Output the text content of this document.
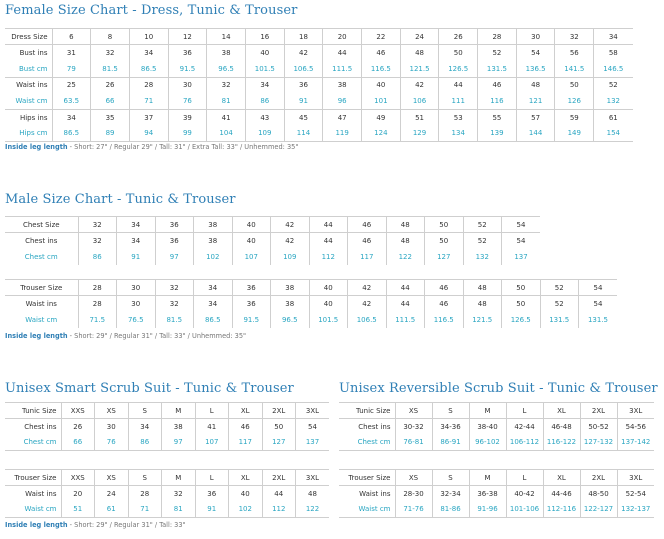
Female Size Chart - Dress, Tunic & Trouser
Dress Size	6	8	10	12	14	16	18	20	22	24	26	28	30	32	34
Bust ins	31	32	34	36	38	40	42	44	46	48	50	52	54	56	58
Bust cm	79	81.5	86.5	91.5	96.5	101.5	106.5	111.5	116.5	121.5	126.5	131.5	136.5	141.5	146.5
Waist ins	25	26	28	30	32	34	36	38	40	42	44	46	48	50	52
Waist cm	63.5	66	71	76	81	86	91	96	101	106	111	116	121	126	132
Hips ins	34	35	37	39	41	43	45	47	49	51	53	55	57	59	61
Hips cm	86.5	89	94	99	104	109	114	119	124	129	134	139	144	149	154
Inside leg length - Short: 27" / Regular 29" / Tall: 31" / Extra Tall: 33" / Unhemmed: 35"
Male Size Chart - Tunic & Trouser
Chest Size	32	34	36	38	40	42	44	46	48	50	52	54
Chest ins	32	34	36	38	40	42	44	46	48	50	52	54
Chest cm	86	91	97	102	107	109	112	117	122	127	132	137
Trouser Size	28	30	32	34	36	38	40	42	44	46	48	50	52	54
Waist ins	28	30	32	34	36	38	40	42	44	46	48	50	52	54
Waist cm	71.5	76.5	81.5	86.5	91.5	96.5	101.5	106.5	111.5	116.5	121.5	126.5	131.5	131.5
Inside leg length - Short: 29" / Regular 31" / Tall: 33" / Unhemmed: 35"
Unisex Smart Scrub Suit - Tunic & Trouser
Tunic Size	XXS	XS	S	M	L	XL	2XL	3XL
Chest ins	26	30	34	38	41	46	50	54
Chest cm	66	76	86	97	107	117	127	137
Trouser Size	XXS	XS	S	M	L	XL	2XL	3XL
Waist ins	20	24	28	32	36	40	44	48
Waist cm	51	61	71	81	91	102	112	122
Inside leg length - Short: 29" / Regular 31" / Tall: 33"
Unisex Reversible Scrub Suit - Tunic & Trouser
Tunic Size	XS	S	M	L	XL	2XL	3XL
Chest ins	30-32	34-36	38-40	42-44	46-48	50-52	54-56
Chest cm	76-81	86-91	96-102	106-112	116-122	127-132	137-142
Trouser Size	XS	S	M	L	XL	2XL	3XL
Waist ins	28-30	32-34	36-38	40-42	44-46	48-50	52-54
Waist cm	71-76	81-86	91-96	101-106	112-116	122-127	132-137
